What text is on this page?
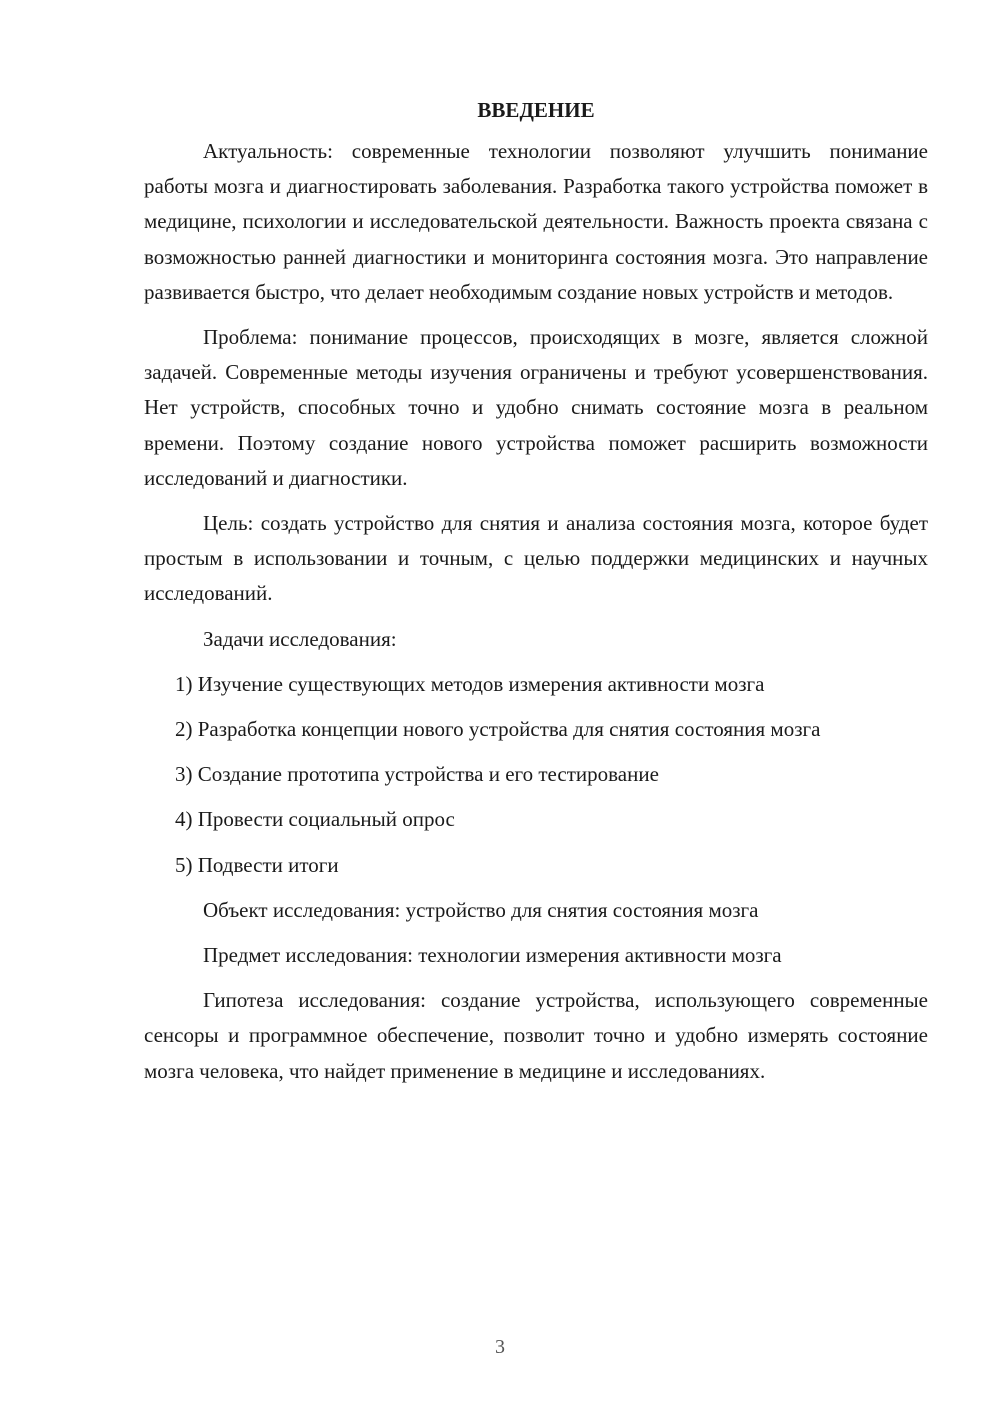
ВВЕДЕНИЕ

Актуальность: современные технологии позволяют улучшить понимание работы мозга и диагностировать заболевания. Разработка такого устройства поможет в медицине, психологии и исследовательской деятельности. Важность проекта связана с возможностью ранней диагностики и мониторинга состояния мозга. Это направление развивается быстро, что делает необходимым создание новых устройств и методов.

Проблема: понимание процессов, происходящих в мозге, является сложной задачей. Современные методы изучения ограничены и требуют усовершенствования. Нет устройств, способных точно и удобно снимать состояние мозга в реальном времени. Поэтому создание нового устройства поможет расширить возможности исследований и диагностики.

Цель: создать устройство для снятия и анализа состояния мозга, которое будет простым в использовании и точным, с целью поддержки медицинских и научных исследований.

Задачи исследования:

1) Изучение существующих методов измерения активности мозга

2) Разработка концепции нового устройства для снятия состояния мозга

3) Создание прототипа устройства и его тестирование

4) Провести социальный опрос

5) Подвести итоги

Объект исследования: устройство для снятия состояния мозга

Предмет исследования: технологии измерения активности мозга

Гипотеза исследования: создание устройства, использующего современные сенсоры и программное обеспечение, позволит точно и удобно измерять состояние мозга человека, что найдет применение в медицине и исследованиях.

3
